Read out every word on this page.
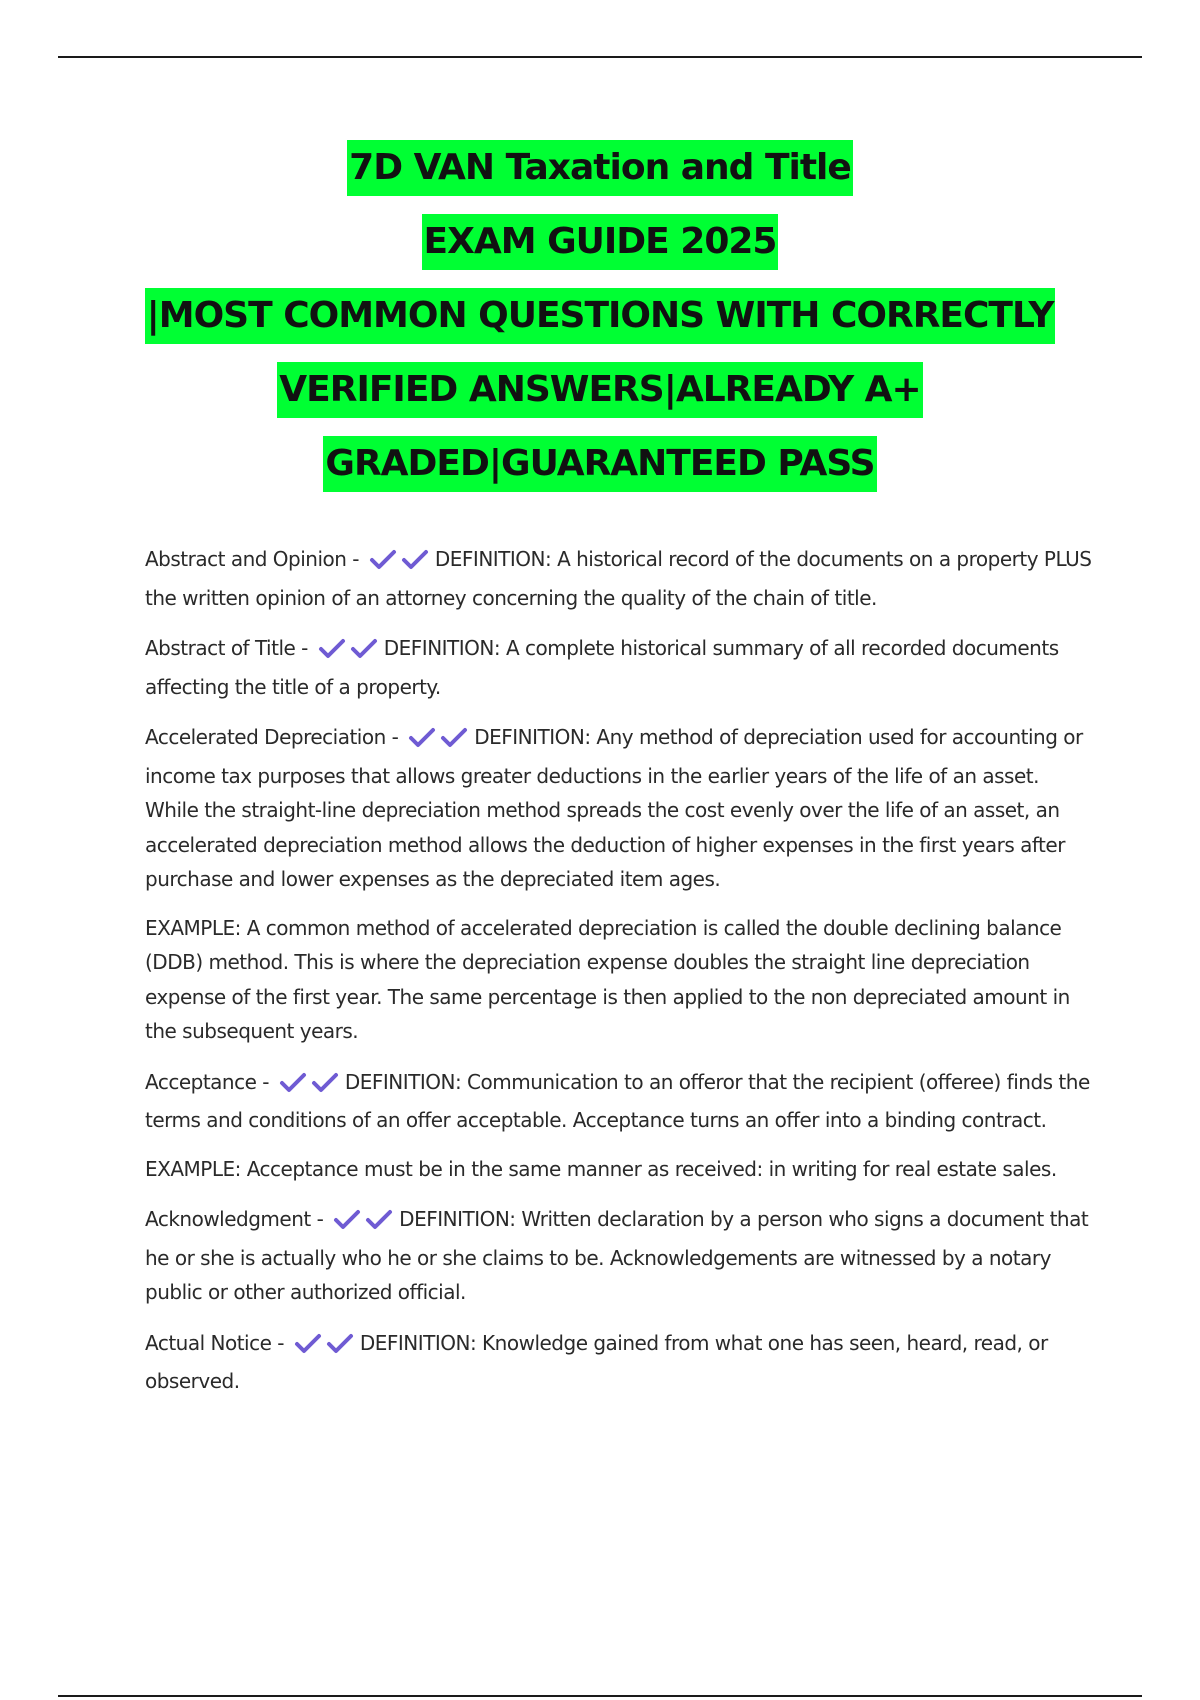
7D VAN Taxation and Title
EXAM GUIDE 2025
|MOST COMMON QUESTIONS WITH CORRECTLY
VERIFIED ANSWERS|ALREADY A+
GRADED|GUARANTEED PASS

Abstract and Opinion -	DEFINITION: A historical record of the documents on a property PLUS the written opinion of an attorney concerning the quality of the chain of title.

Abstract of Title -	DEFINITION: A complete historical summary of all recorded documents affecting the title of a property.

Accelerated Depreciation -	DEFINITION: Any method of depreciation used for accounting or income tax purposes that allows greater deductions in the earlier years of the life of an asset. While the straight-line depreciation method spreads the cost evenly over the life of an asset, an accelerated depreciation method allows the deduction of higher expenses in the first years after purchase and lower expenses as the depreciated item ages.

EXAMPLE: A common method of accelerated depreciation is called the double declining balance (DDB) method. This is where the depreciation expense doubles the straight line depreciation expense of the first year. The same percentage is then applied to the non depreciated amount in the subsequent years.

Acceptance -	DEFINITION: Communication to an offeror that the recipient (offeree) finds the terms and conditions of an offer acceptable. Acceptance turns an offer into a binding contract.

EXAMPLE: Acceptance must be in the same manner as received: in writing for real estate sales.

Acknowledgment -	DEFINITION: Written declaration by a person who signs a document that he or she is actually who he or she claims to be. Acknowledgements are witnessed by a notary public or other authorized official.

Actual Notice -	DEFINITION: Knowledge gained from what one has seen, heard, read, or observed.
